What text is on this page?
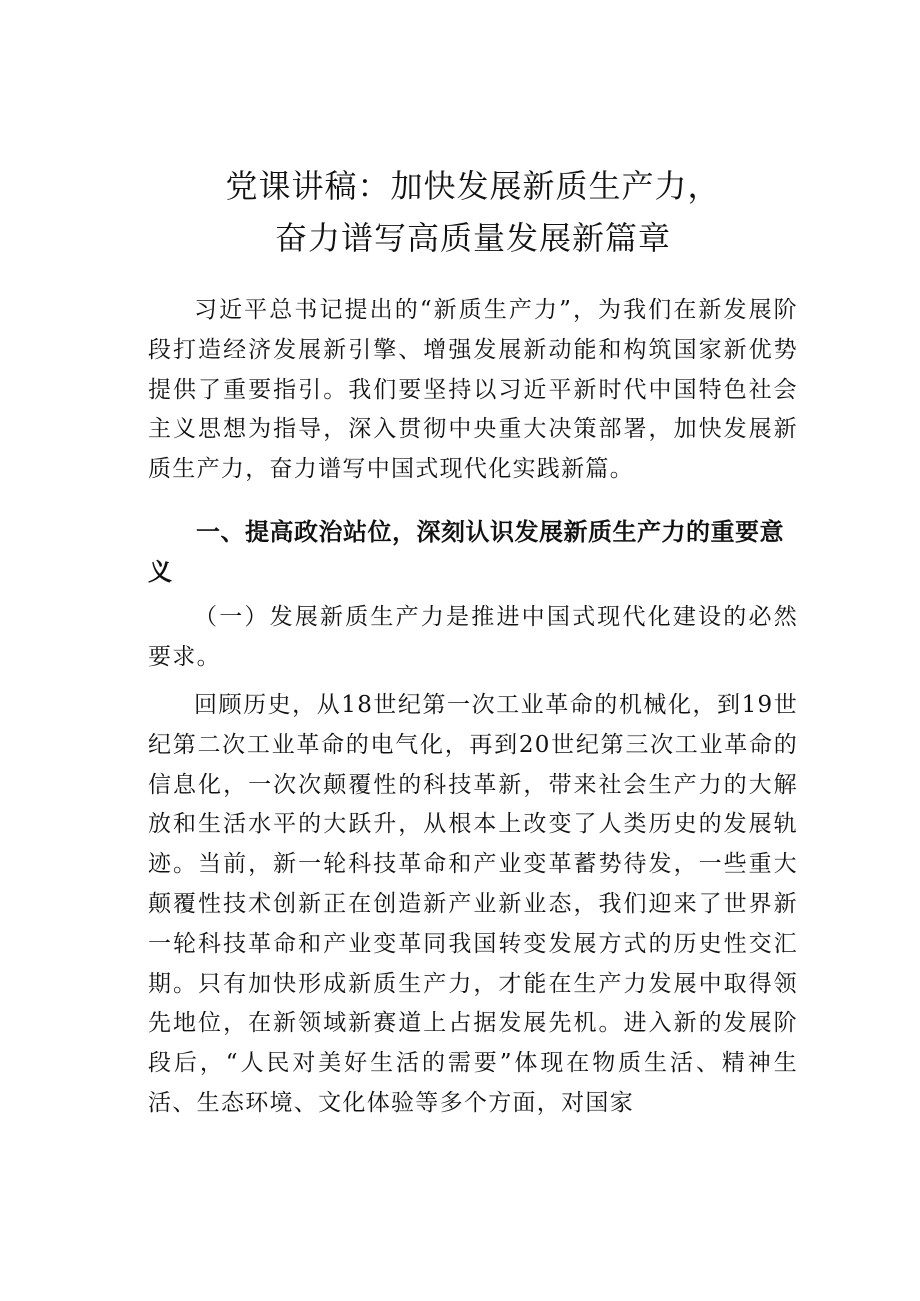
党课讲稿：加快发展新质生产力，
奋力谱写高质量发展新篇章

习近平总书记提出的“新质生产力”，为我们在新发展阶段打造经济发展新引擎、增强发展新动能和构筑国家新优势提供了重要指引。我们要坚持以习近平新时代中国特色社会主义思想为指导，深入贯彻中央重大决策部署，加快发展新质生产力，奋力谱写中国式现代化实践新篇。

一、提高政治站位，深刻认识发展新质生产力的重要意义

（一）发展新质生产力是推进中国式现代化建设的必然要求。

回顾历史，从18世纪第一次工业革命的机械化，到19世纪第二次工业革命的电气化，再到20世纪第三次工业革命的信息化，一次次颠覆性的科技革新，带来社会生产力的大解放和生活水平的大跃升，从根本上改变了人类历史的发展轨迹。当前，新一轮科技革命和产业变革蓄势待发，一些重大颠覆性技术创新正在创造新产业新业态，我们迎来了世界新一轮科技革命和产业变革同我国转变发展方式的历史性交汇期。只有加快形成新质生产力，才能在生产力发展中取得领先地位，在新领域新赛道上占据发展先机。进入新的发展阶段后，“人民对美好生活的需要”体现在物质生活、精神生活、生态环境、文化体验等多个方面，对国家
